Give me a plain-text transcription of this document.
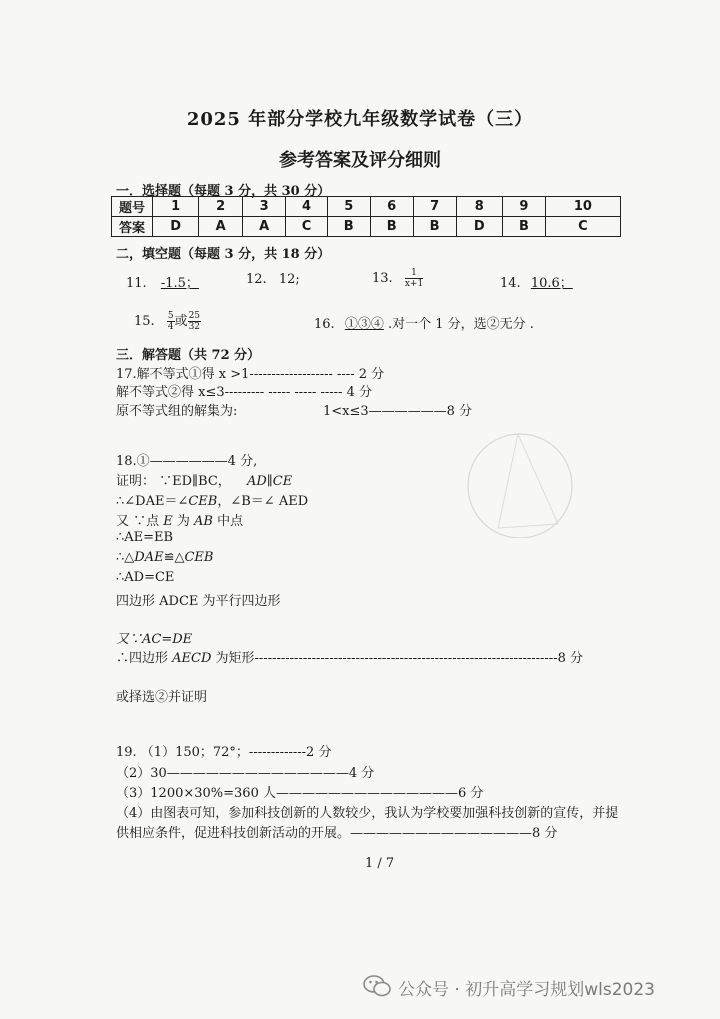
2025 年部分学校九年级数学试卷（三）
参考答案及评分细则
一．选择题（每题 3 分，共 30 分）
题号	1	2	3	4	5	6	7	8	9	10
答案	D	A	A	C	B	B	B	D	B	C
二，填空题（每题 3 分，共 18 分）
11. -1.5；	12. 12;	13. $\frac{1}{x+1}$	14. 10.6；
15. $\frac{5}{4}$ 或 $\frac{25}{32}$	16. ①③④ .对一个 1 分，选②无分 .
三．解答题（共 72 分）
17.解不等式①得 x >1------------------- ---- 2 分
解不等式②得 x≤3--------- ----- ----- ----- 4 分
原不等式组的解集为:	1<x≤3——————8 分
18.①——————4 分,
证明： ∵ED∥BC， AD∥CE
∴∠DAE＝∠CEB，∠B＝∠ AED
又 ∵点 E 为 AB 中点
∴AE=EB
∴△DAE≌△CEB
∴AD=CE
四边形 ADCE 为平行四边形
又∵AC=DE
∴四边形 AECD 为矩形---------------------------------------------------------------------8 分
或择选②并证明
19. （1）150；72°；-------------2 分
（2）30——————————————4 分
（3）1200×30%=360 人——————————————6 分
（4）由图表可知，参加科技创新的人数较少，我认为学校要加强科技创新的宣传，并提
供相应条件，促进科技创新活动的开展。——————————————8 分
1 / 7
公众号 · 初升高学习规划wls2023
